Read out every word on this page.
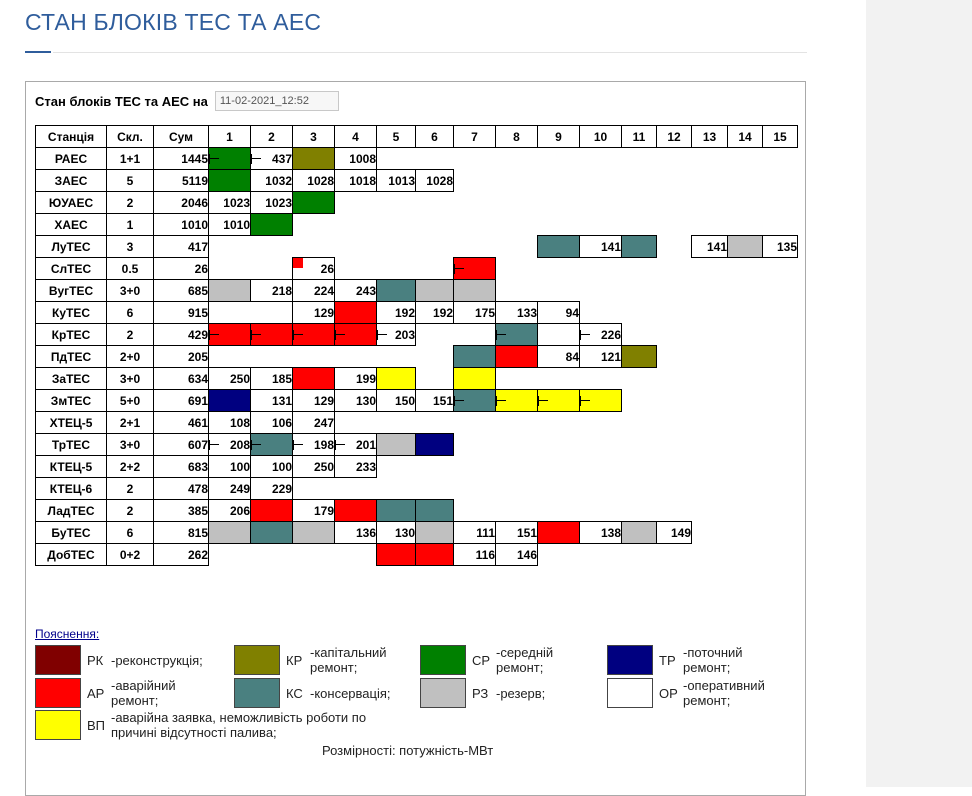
СТАН БЛОКІВ ТЕС ТА АЕС
Стан блоків ТЕС та АЕС на
11-02-2021_12:52
Станція	Скл.	Сум	1	2	3	4	5	6	7	8	9	10	11	12	13	14	15
РАЕС	1+1	1445		437		1008											
ЗАЕС	5	5119		1032	1028	1018	1013	1028									
ЮУАЕС	2	2046	1023	1023													
ХАЕС	1	1010	1010														
ЛуТЕС	3	417										141			141		135
СлТЕС	0.5	26			26				

ВугТЕС	3+0	685		218	224	243											
КуТЕС	6	915			129		192	192	175	133	94						
КрТЕС	2	429					203					226					
ПдТЕС	2+0	205									84	121					
ЗаТЕС	3+0	634	250	185		199											
ЗмТЕС	5+0	691		131	129	130	150	151	

ХТЕЦ-5	2+1	461	108	106	247												
ТрТЕС	3+0	607	208		198	201											
КТЕЦ-5	2+2	683	100	100	250	233											
КТЕЦ-6	2	478	249	229													
ЛадТЕС	2	385	206		179												
БуТЕС	6	815				136	130		111	151		138		149			
ДобТЕС	0+2	262							116	146							
Пояснення:
РК -реконструкція;	КР
-капітальний ремонт;	СР
-середній ремонт;	ТР
-поточний ремонт;
АР
-аварійний ремонт;	КС -консервація;	РЗ -резерв;	ОР
-оперативний ремонт;
ВП
-аварійна заявка, неможливість роботи по причині відсутності палива;
Розмірності: потужність-МВт
